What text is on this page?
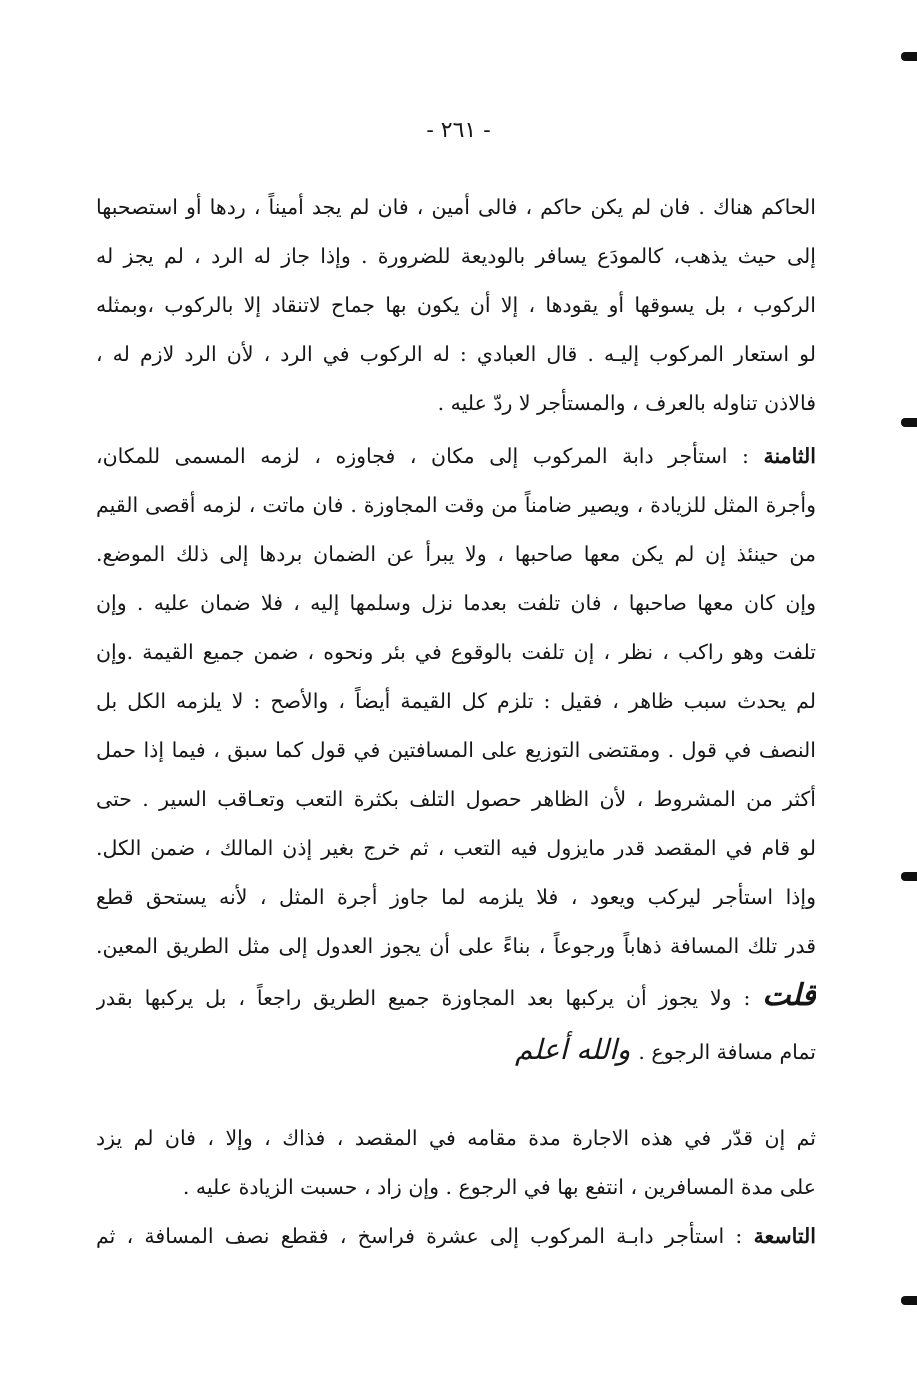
- ٢٦١ -
الحاكم هناك . فان لم يكن حاكم ، فالى أمين ، فان لم يجد أميناً ، ردها أو استصحبها
إلى حيث يذهب، كالمودَع يسافر بالوديعة للضرورة . وإذا جاز له الرد ، لم يجز له
الركوب ، بل يسوقها أو يقودها ، إلا أن يكون بها جماح لاتنقاد إلا بالركوب ،وبمثله
لو استعار المركوب إليـه . قال العبادي : له الركوب في الرد ، لأن الرد لازم له ،
فالاذن تناوله بالعرف ، والمستأجر لا ردّ عليه .
الثامنة : استأجر دابة المركوب إلى مكان ، فجاوزه ، لزمه المسمى للمكان،
وأجرة المثل للزيادة ، ويصير ضامناً من وقت المجاوزة . فان ماتت ، لزمه أقصى القيم
من حينئذ إن لم يكن معها صاحبها ، ولا يبرأ عن الضمان بردها إلى ذلك الموضع.
وإن كان معها صاحبها ، فان تلفت بعدما نزل وسلمها إليه ، فلا ضمان عليه . وإن
تلفت وهو راكب ، نظر ، إن تلفت بالوقوع في بئر ونحوه ، ضمن جميع القيمة .وإن
لم يحدث سبب ظاهر ، فقيل : تلزم كل القيمة أيضاً ، والأصح : لا يلزمه الكل بل
النصف في قول . ومقتضى التوزيع على المسافتين في قول كما سبق ، فيما إذا حمل
أكثر من المشروط ، لأن الظاهر حصول التلف بكثرة التعب وتعـاقب السير . حتى
لو قام في المقصد قدر مايزول فيه التعب ، ثم خرج بغير إذن المالك ، ضمن الكل.
وإذا استأجر ليركب ويعود ، فلا يلزمه لما جاوز أجرة المثل ، لأنه يستحق قطع
قدر تلك المسافة ذهاباً ورجوعاً ، بناءً على أن يجوز العدول إلى مثل الطريق المعين.
قلت : ولا يجوز أن يركبها بعد المجاوزة جميع الطريق راجعاً ، بل يركبها بقدر
تمام مسافة الرجوع .والله أعلم
ثم إن قدّر في هذه الاجارة مدة مقامه في المقصد ، فذاك ، وإلا ، فان لم يزد
على مدة المسافرين ، انتفع بها في الرجوع . وإن زاد ، حسبت الزيادة عليه .
التاسعة : استأجر دابـة المركوب إلى عشرة فراسخ ، فقطع نصف المسافة ، ثم
